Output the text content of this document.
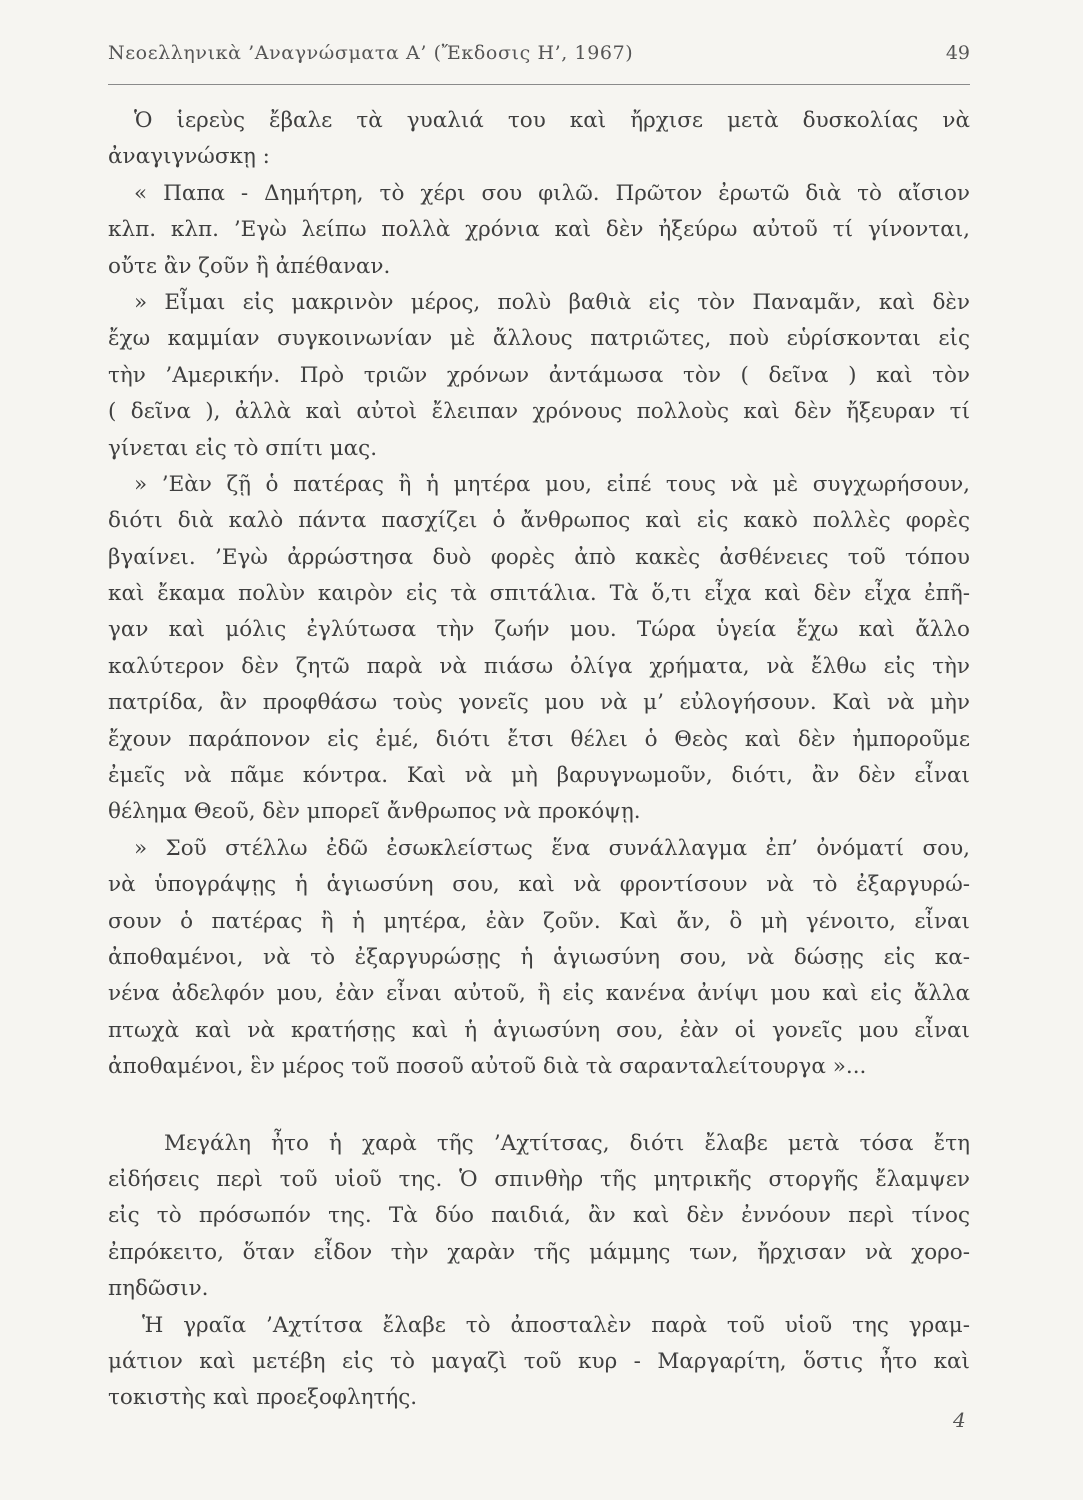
Νεοελληνικὰ ’Αναγνώσματα Α’ (Ἔκδοσις Η’, 1967)	49
Ὁ ἱερεὺς ἔβαλε τὰ γυαλιά του καὶ ἤρχισε μετὰ δυσκολίας νὰ
ἀναγιγνώσκῃ :
« Παπα - Δημήτρη, τὸ χέρι σου φιλῶ. Πρῶτον ἐρωτῶ διὰ τὸ αἴσιον
κλπ. κλπ. ’Εγὼ λείπω πολλὰ χρόνια καὶ δὲν ἠξεύρω αὐτοῦ τί γίνονται,
οὔτε ἂν ζοῦν ἢ ἀπέθαναν.
» Εἶμαι εἰς μακρινὸν μέρος, πολὺ βαθιὰ εἰς τὸν Παναμᾶν, καὶ δὲν
ἔχω καμμίαν συγκοινωνίαν μὲ ἄλλους πατριῶτες, ποὺ εὑρίσκονται εἰς
τὴν ’Αμερικήν. Πρὸ τριῶν χρόνων ἀντάμωσα τὸν ( δεῖνα ) καὶ τὸν
( δεῖνα ), ἀλλὰ καὶ αὐτοὶ ἔλειπαν χρόνους πολλοὺς καὶ δὲν ἤξευραν τί
γίνεται εἰς τὸ σπίτι μας.
» ’Εὰν ζῇ ὁ πατέρας ἢ ἡ μητέρα μου, εἰπέ τους νὰ μὲ συγχωρήσουν,
διότι διὰ καλὸ πάντα πασχίζει ὁ ἄνθρωπος καὶ εἰς κακὸ πολλὲς φορὲς
βγαίνει. ’Εγὼ ἀρρώστησα δυὸ φορὲς ἀπὸ κακὲς ἀσθένειες τοῦ τόπου
καὶ ἔκαμα πολὺν καιρὸν εἰς τὰ σπιτάλια. Τὰ ὅ,τι εἶχα καὶ δὲν εἶχα ἐπῆ-
γαν καὶ μόλις ἐγλύτωσα τὴν ζωήν μου. Τώρα ὑγεία ἔχω καὶ ἄλλο
καλύτερον δὲν ζητῶ παρὰ νὰ πιάσω ὀλίγα χρήματα, νὰ ἔλθω εἰς τὴν
πατρίδα, ἂν προφθάσω τοὺς γονεῖς μου νὰ μ’ εὐλογήσουν. Καὶ νὰ μὴν
ἔχουν παράπονον εἰς ἐμέ, διότι ἔτσι θέλει ὁ Θεὸς καὶ δὲν ἠμποροῦμε
ἐμεῖς νὰ πᾶμε κόντρα. Καὶ νὰ μὴ βαρυγνωμοῦν, διότι, ἂν δὲν εἶναι
θέλημα Θεοῦ, δὲν μπορεῖ ἄνθρωπος νὰ προκόψῃ.
» Σοῦ στέλλω ἐδῶ ἐσωκλείστως ἕνα συνάλλαγμα ἐπ’ ὀνόματί σου,
νὰ ὑπογράψῃς ἡ ἁγιωσύνη σου, καὶ νὰ φροντίσουν νὰ τὸ ἐξαργυρώ-
σουν ὁ πατέρας ἢ ἡ μητέρα, ἐὰν ζοῦν. Καὶ ἄν, ὃ μὴ γένοιτο, εἶναι
ἀποθαμένοι, νὰ τὸ ἐξαργυρώσῃς ἡ ἁγιωσύνη σου, νὰ δώσῃς εἰς κα-
νένα ἀδελφόν μου, ἐὰν εἶναι αὐτοῦ, ἢ εἰς κανένα ἀνίψι μου καὶ εἰς ἄλλα
πτωχὰ καὶ νὰ κρατήσῃς καὶ ἡ ἁγιωσύνη σου, ἐὰν οἱ γονεῖς μου εἶναι
ἀποθαμένοι, ἓν μέρος τοῦ ποσοῦ αὐτοῦ διὰ τὰ σαρανταλείτουργα »...
Μεγάλη ἦτο ἡ χαρὰ τῆς ’Αχτίτσας, διότι ἔλαβε μετὰ τόσα ἔτη
εἰδήσεις περὶ τοῦ υἱοῦ της. Ὁ σπινθὴρ τῆς μητρικῆς στοργῆς ἔλαμψεν
εἰς τὸ πρόσωπόν της. Τὰ δύο παιδιά, ἂν καὶ δὲν ἐννόουν περὶ τίνος
ἐπρόκειτο, ὅταν εἶδον τὴν χαρὰν τῆς μάμμης των, ἤρχισαν νὰ χορο-
πηδῶσιν.
Ἡ γραῖα ’Αχτίτσα ἔλαβε τὸ ἀποσταλὲν παρὰ τοῦ υἱοῦ της γραμ-
μάτιον καὶ μετέβη εἰς τὸ μαγαζὶ τοῦ κυρ - Μαργαρίτη, ὅστις ἦτο καὶ
τοκιστὴς καὶ προεξοφλητής.
4
